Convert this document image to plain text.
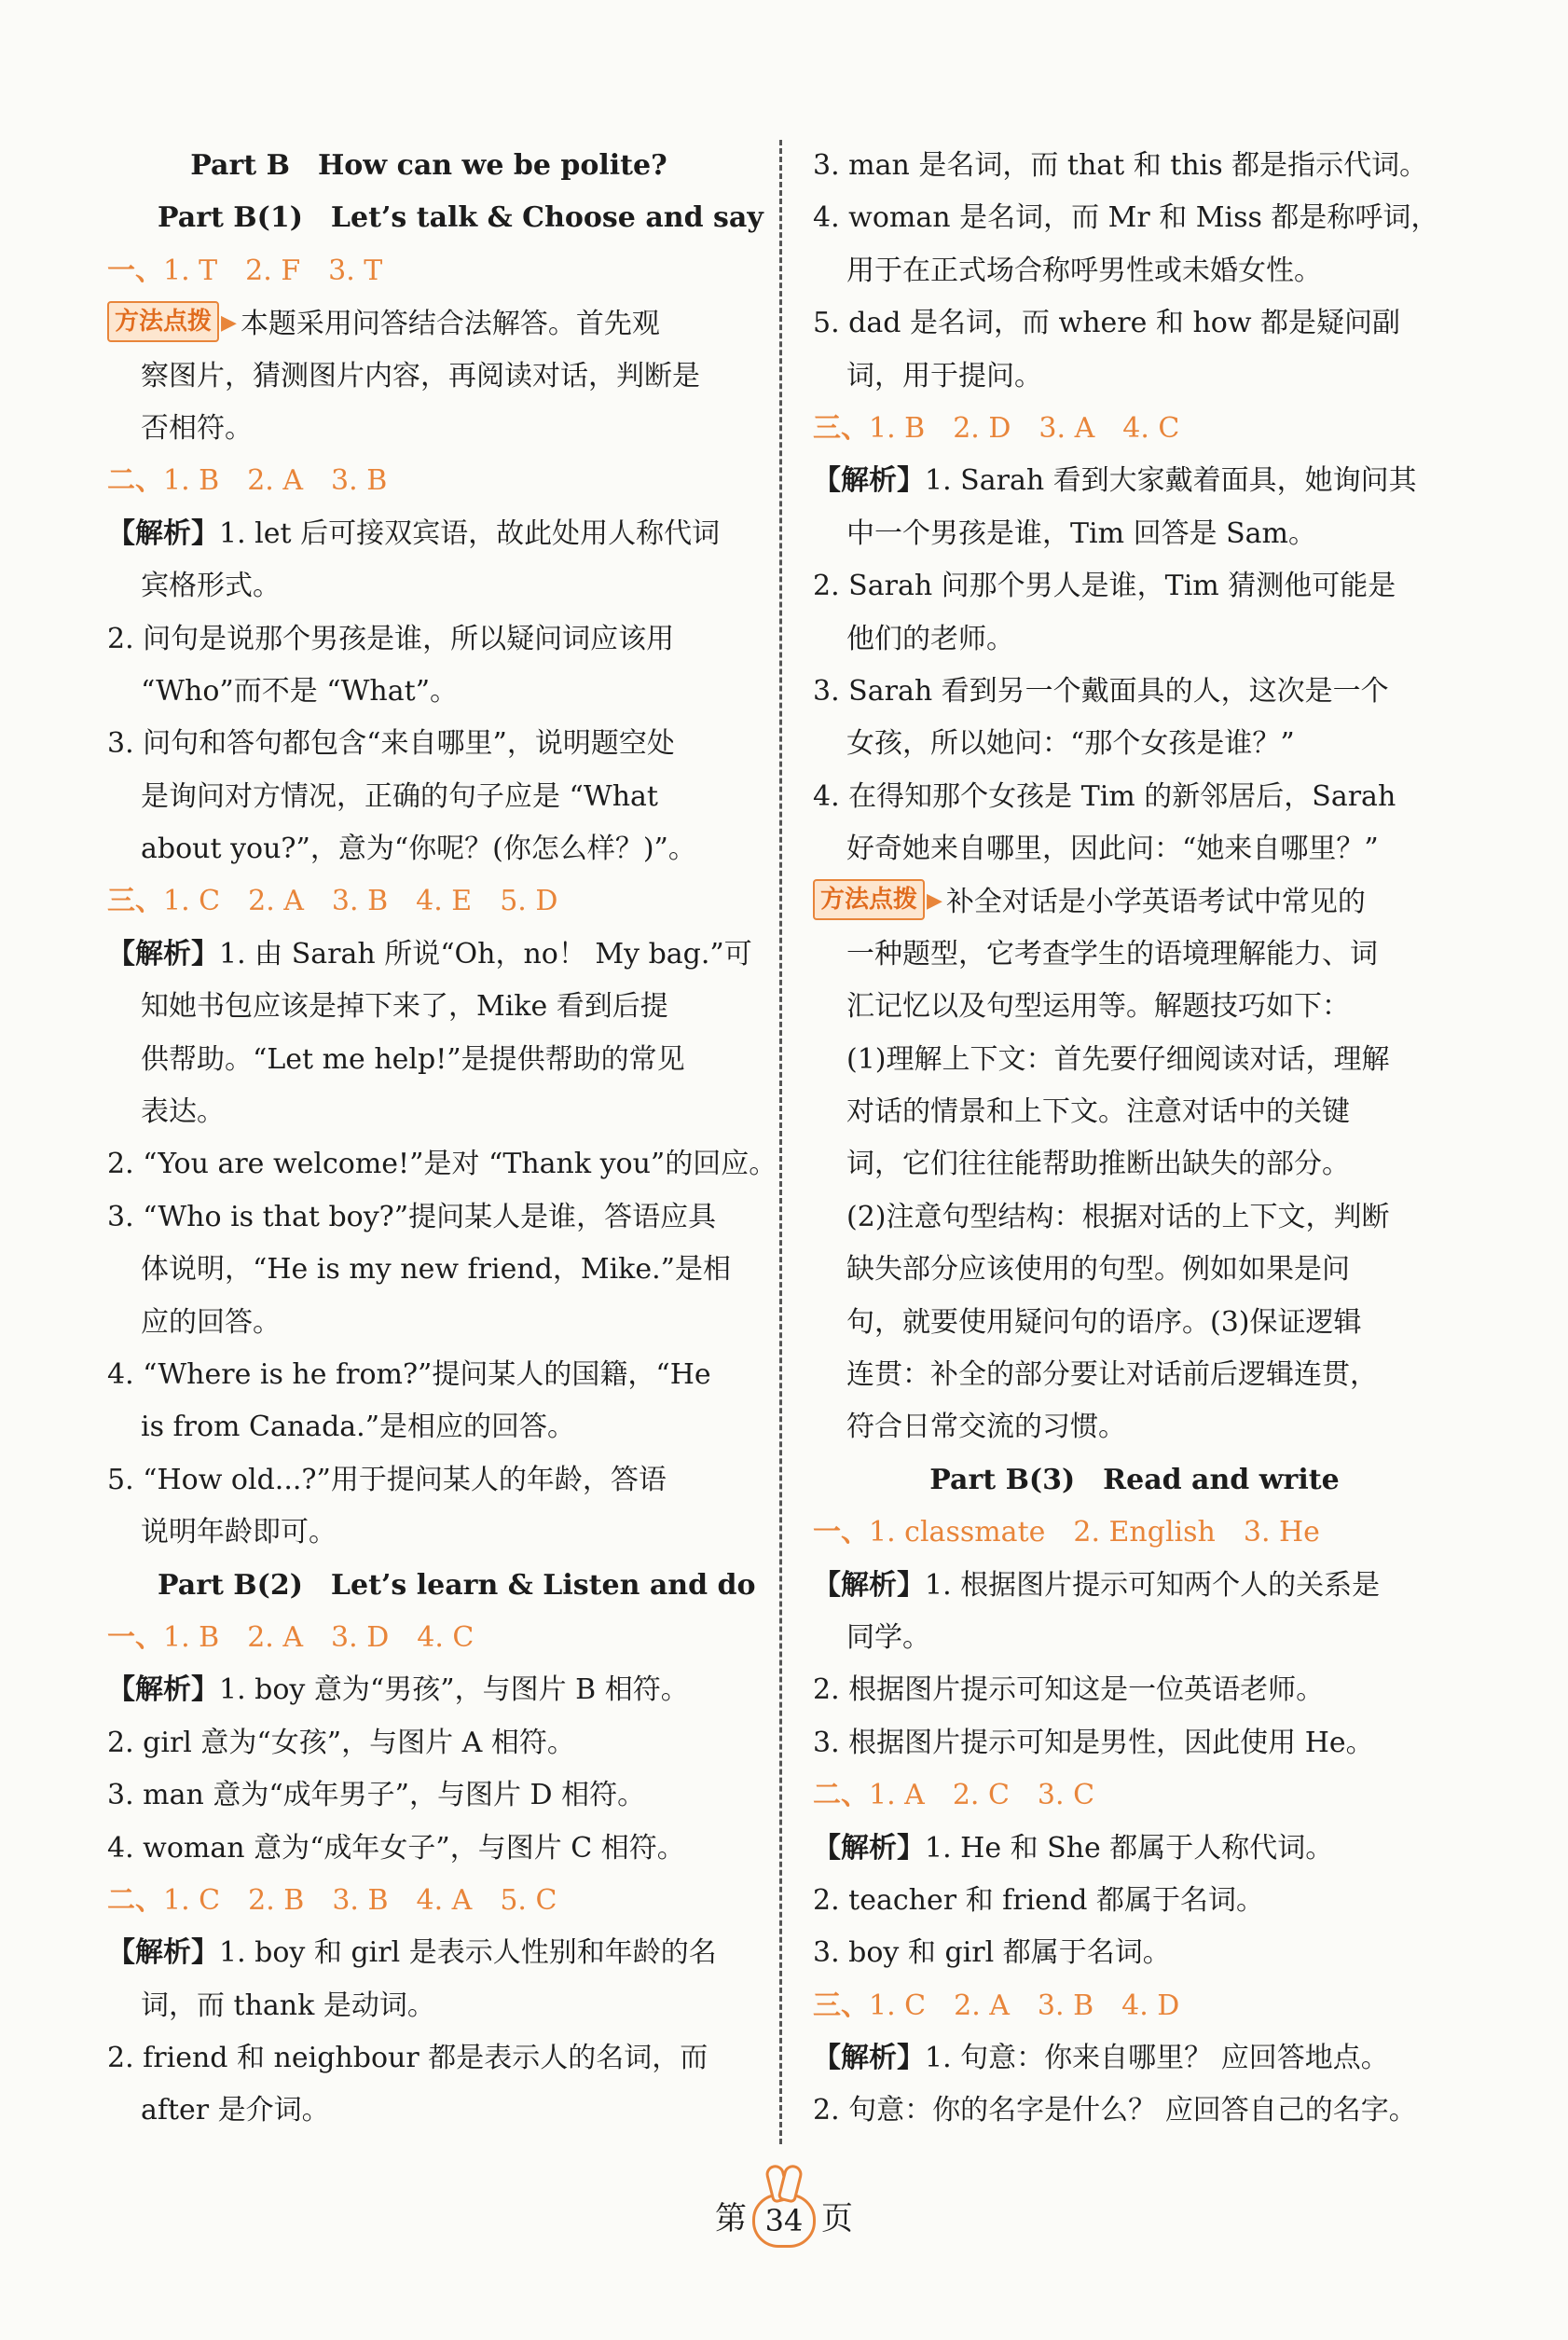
Part B　How can we be polite?
Part B(1)　Let’s talk & Choose and say
一、1. T　2. F　3. T
方法点拨 ▶ 本题采用问答结合法解答。首先观
察图片，猜测图片内容，再阅读对话，判断是
否相符。
二、1. B　2. A　3. B
【解析】1. let 后可接双宾语，故此处用人称代词
宾格形式。
2. 问句是说那个男孩是谁，所以疑问词应该用
“Who”而不是 “What”。
3. 问句和答句都包含“来自哪里”，说明题空处
是询问对方情况，正确的句子应是 “What
about you?”，意为“你呢？(你怎么样？)”。
三、1. C　2. A　3. B　4. E　5. D
【解析】1. 由 Sarah 所说“Oh，no！ My bag.”可
知她书包应该是掉下来了，Mike 看到后提
供帮助。“Let me help!”是提供帮助的常见
表达。
2. “You are welcome!”是对 “Thank you”的回应。
3. “Who is that boy?”提问某人是谁，答语应具
体说明，“He is my new friend，Mike.”是相
应的回答。
4. “Where is he from?”提问某人的国籍，“He
is from Canada.”是相应的回答。
5. “How old...?”用于提问某人的年龄，答语
说明年龄即可。
Part B(2)　Let’s learn & Listen and do
一、1. B　2. A　3. D　4. C
【解析】1. boy 意为“男孩”，与图片 B 相符。
2. girl 意为“女孩”，与图片 A 相符。
3. man 意为“成年男子”，与图片 D 相符。
4. woman 意为“成年女子”，与图片 C 相符。
二、1. C　2. B　3. B　4. A　5. C
【解析】1. boy 和 girl 是表示人性别和年龄的名
词，而 thank 是动词。
2. friend 和 neighbour 都是表示人的名词，而
after 是介词。
3. man 是名词，而 that 和 this 都是指示代词。
4. woman 是名词，而 Mr 和 Miss 都是称呼词，
用于在正式场合称呼男性或未婚女性。
5. dad 是名词，而 where 和 how 都是疑问副
词，用于提问。
三、1. B　2. D　3. A　4. C
【解析】1. Sarah 看到大家戴着面具，她询问其
中一个男孩是谁，Tim 回答是 Sam。
2. Sarah 问那个男人是谁，Tim 猜测他可能是
他们的老师。
3. Sarah 看到另一个戴面具的人，这次是一个
女孩，所以她问：“那个女孩是谁？”
4. 在得知那个女孩是 Tim 的新邻居后，Sarah
好奇她来自哪里，因此问：“她来自哪里？”
方法点拨 ▶ 补全对话是小学英语考试中常见的
一种题型，它考查学生的语境理解能力、词
汇记忆以及句型运用等。解题技巧如下：
(1)理解上下文：首先要仔细阅读对话，理解
对话的情景和上下文。注意对话中的关键
词，它们往往能帮助推断出缺失的部分。
(2)注意句型结构：根据对话的上下文，判断
缺失部分应该使用的句型。例如如果是问
句，就要使用疑问句的语序。(3)保证逻辑
连贯：补全的部分要让对话前后逻辑连贯，
符合日常交流的习惯。
Part B(3)　Read and write
一、1. classmate　2. English　3. He
【解析】1. 根据图片提示可知两个人的关系是
同学。
2. 根据图片提示可知这是一位英语老师。
3. 根据图片提示可知是男性，因此使用 He。
二、1. A　2. C　3. C
【解析】1. He 和 She 都属于人称代词。
2. teacher 和 friend 都属于名词。
3. boy 和 girl 都属于名词。
三、1. C　2. A　3. B　4. D
【解析】1. 句意：你来自哪里？ 应回答地点。
2. 句意：你的名字是什么？ 应回答自己的名字。
第 34 页
